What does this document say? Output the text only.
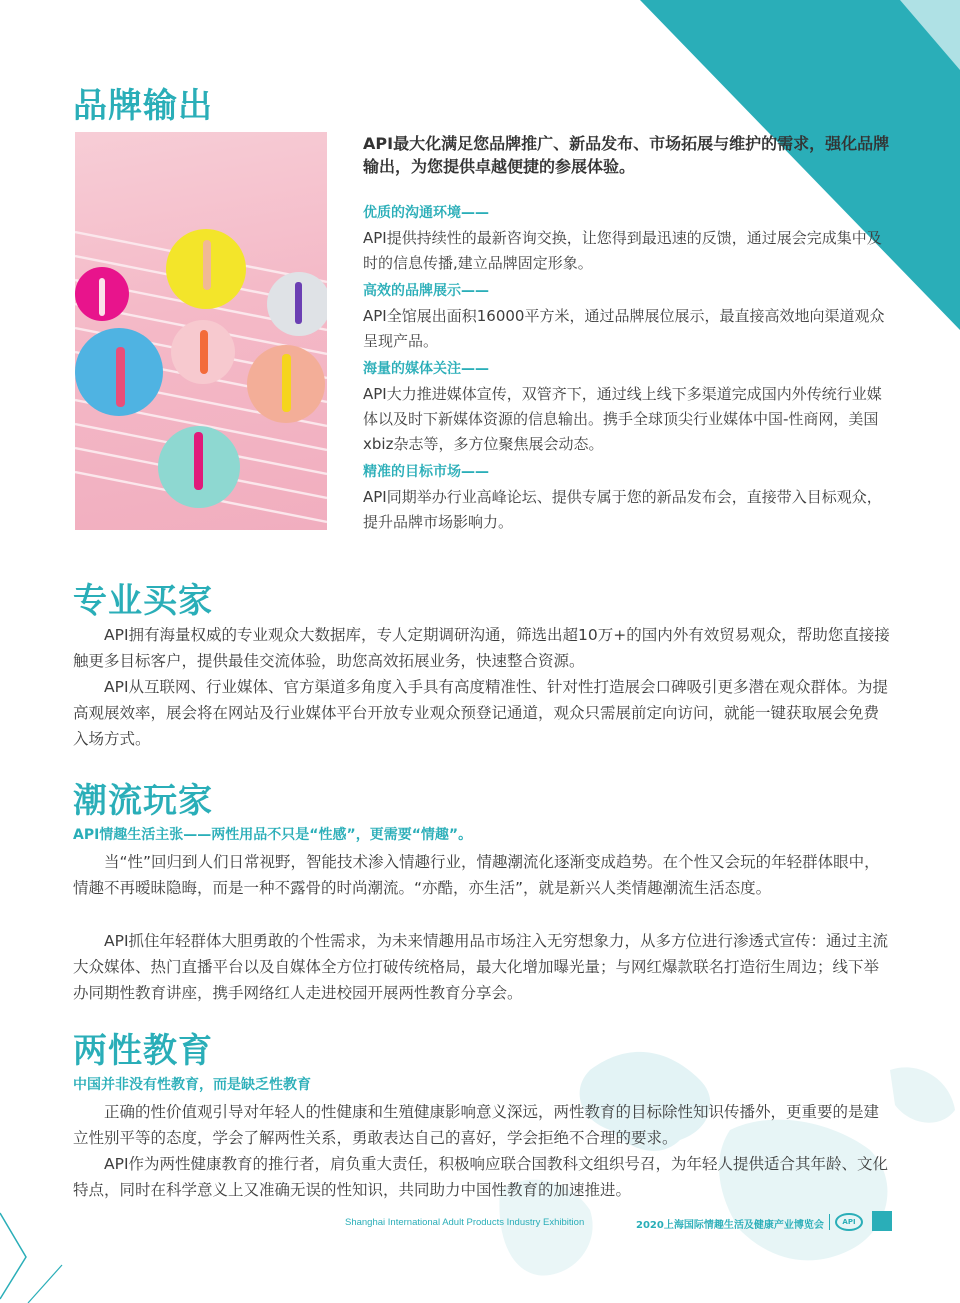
品牌输出

API最大化满足您品牌推广、新品发布、市场拓展与维护的需求，强化品牌输出，为您提供卓越便捷的参展体验。

优质的沟通环境——

API提供持续性的最新咨询交换，让您得到最迅速的反馈，通过展会完成集中及时的信息传播,建立品牌固定形象。

高效的品牌展示——

API全馆展出面积16000平方米，通过品牌展位展示，最直接高效地向渠道观众呈现产品。

海量的媒体关注——

API大力推进媒体宣传，双管齐下，通过线上线下多渠道完成国内外传统行业媒体以及时下新媒体资源的信息输出。携手全球顶尖行业媒体中国-性商网，美国xbiz杂志等，多方位聚焦展会动态。

精准的目标市场——

API同期举办行业高峰论坛、提供专属于您的新品发布会，直接带入目标观众，提升品牌市场影响力。

专业买家

API拥有海量权威的专业观众大数据库，专人定期调研沟通，筛选出超10万+的国内外有效贸易观众，帮助您直接接触更多目标客户，提供最佳交流体验，助您高效拓展业务，快速整合资源。

API从互联网、行业媒体、官方渠道多角度入手具有高度精准性、针对性打造展会口碑吸引更多潜在观众群体。为提高观展效率，展会将在网站及行业媒体平台开放专业观众预登记通道，观众只需展前定向访问，就能一键获取展会免费入场方式。

潮流玩家

API情趣生活主张——两性用品不只是“性感”，更需要“情趣”。

当“性”回归到人们日常视野，智能技术渗入情趣行业，情趣潮流化逐渐变成趋势。在个性又会玩的年轻群体眼中，情趣不再暧昧隐晦，而是一种不露骨的时尚潮流。“亦酷，亦生活”，就是新兴人类情趣潮流生活态度。

API抓住年轻群体大胆勇敢的个性需求，为未来情趣用品市场注入无穷想象力，从多方位进行渗透式宣传：通过主流大众媒体、热门直播平台以及自媒体全方位打破传统格局，最大化增加曝光量；与网红爆款联名打造衍生周边；线下举办同期性教育讲座，携手网络红人走进校园开展两性教育分享会。

两性教育

中国并非没有性教育，而是缺乏性教育

正确的性价值观引导对年轻人的性健康和生殖健康影响意义深远，两性教育的目标除性知识传播外，更重要的是建立性别平等的态度，学会了解两性关系，勇敢表达自己的喜好，学会拒绝不合理的要求。

API作为两性健康教育的推行者，肩负重大责任，积极响应联合国教科文组织号召，为年轻人提供适合其年龄、文化特点，同时在科学意义上又准确无误的性知识，共同助力中国性教育的加速推进。

Shanghai International Adult Products Industry Exhibition	2020上海国际情趣生活及健康产业博览会	API
